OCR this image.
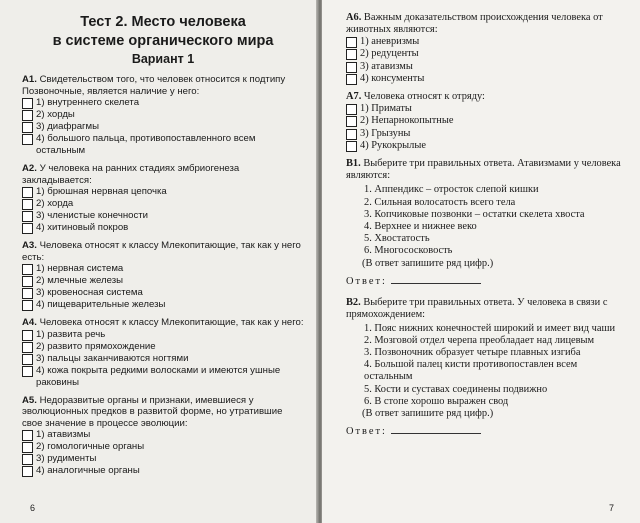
Тест 2. Место человека
в системе органического мира
Вариант 1

А1. Свидетельством того, что человек относится к подтипу Позвоночные, является наличие у него:

1) внутреннего скелета
2) хорды
3) диафрагмы
4) большого пальца, противопоставленного всем остальным

А2. У человека на ранних стадиях эмбриогенеза закладывается:

1) брюшная нервная цепочка
2) хорда
3) членистые конечности
4) хитиновый покров

А3. Человека относят к классу Млекопитающие, так как у него есть:

1) нервная система
2) млечные железы
3) кровеносная система
4) пищеварительные железы

А4. Человека относят к классу Млекопитающие, так как у него:

1) развита речь
2) развито прямохождение
3) пальцы заканчиваются ногтями
4) кожа покрыта редкими волосками и имеются ушные раковины

А5. Недоразвитые органы и признаки, имевшиеся у эволюционных предков в развитой форме, но утратившие свое значение в процессе эволюции:

1) атавизмы
2) гомологичные органы
3) рудименты
4) аналогичные органы
6

А6. Важным доказательством происхождения человека от животных являются:

1) аневризмы
2) редуценты
3) атавизмы
4) консументы

А7. Человека относят к отряду:

1) Приматы
2) Непарнокопытные
3) Грызуны
4) Рукокрылые

В1. Выберите три правильных ответа. Атавизмами у человека являются:

1. Аппендикс – отросток слепой кишки
2. Сильная волосатость всего тела
3. Копчиковые позвонки – остатки скелета хвоста
4. Верхнее и нижнее веко
5. Хвостатость
6. Многососковость
(В ответ запишите ряд цифр.)
Ответ:

В2. Выберите три правильных ответа. У человека в связи с прямохождением:

1. Пояс нижних конечностей широкий и имеет вид чаши
2. Мозговой отдел черепа преобладает над лицевым
3. Позвоночник образует четыре плавных изгиба
4. Большой палец кисти противопоставлен всем остальным
5. Кости и суставах соединены подвижно
6. В стопе хорошо выражен свод
(В ответ запишите ряд цифр.)
Ответ:
7
